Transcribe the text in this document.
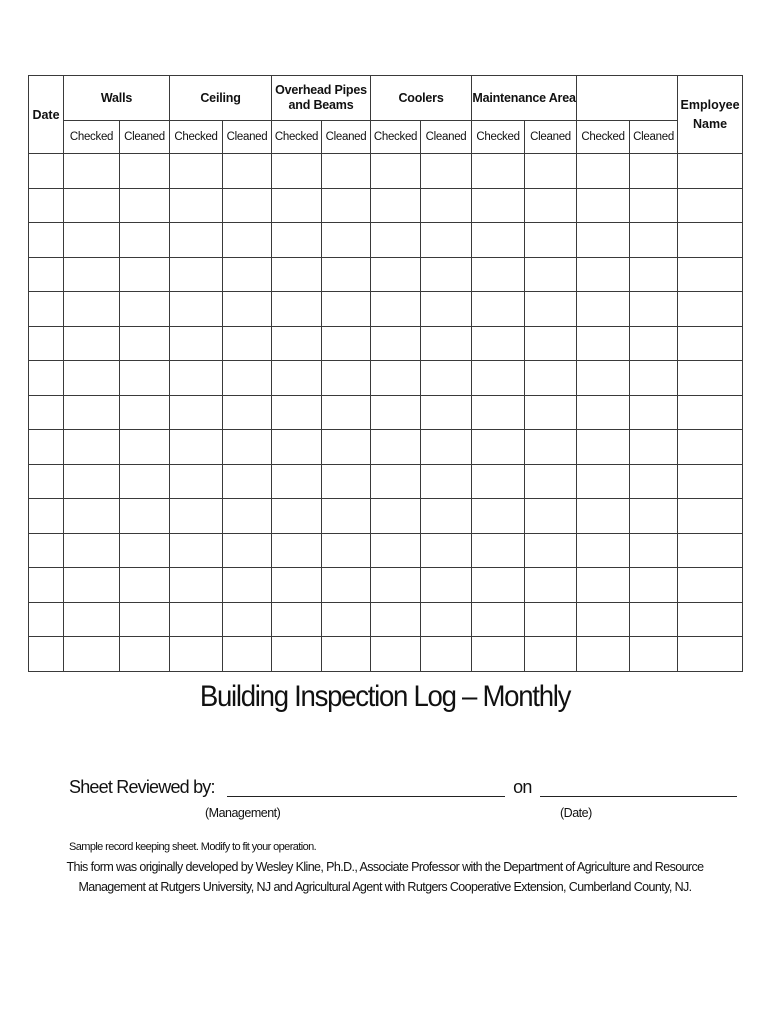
Date	Walls		Ceiling		Overhead Pipes and Beams		Coolers		Maintenance Area				Employee Name
	Checked	Cleaned	Checked	Cleaned	Checked	Cleaned	Checked	Cleaned	Checked	Cleaned	Checked	Cleaned	

Building Inspection Log – Monthly
Sheet Reviewed by:	on
(Management)	(Date)
Sample record keeping sheet. Modify to fit your operation.
This form was originally developed by Wesley Kline, Ph.D., Associate Professor with the Department of Agriculture and Resource Management at Rutgers University, NJ and Agricultural Agent with Rutgers Cooperative Extension, Cumberland County, NJ.
